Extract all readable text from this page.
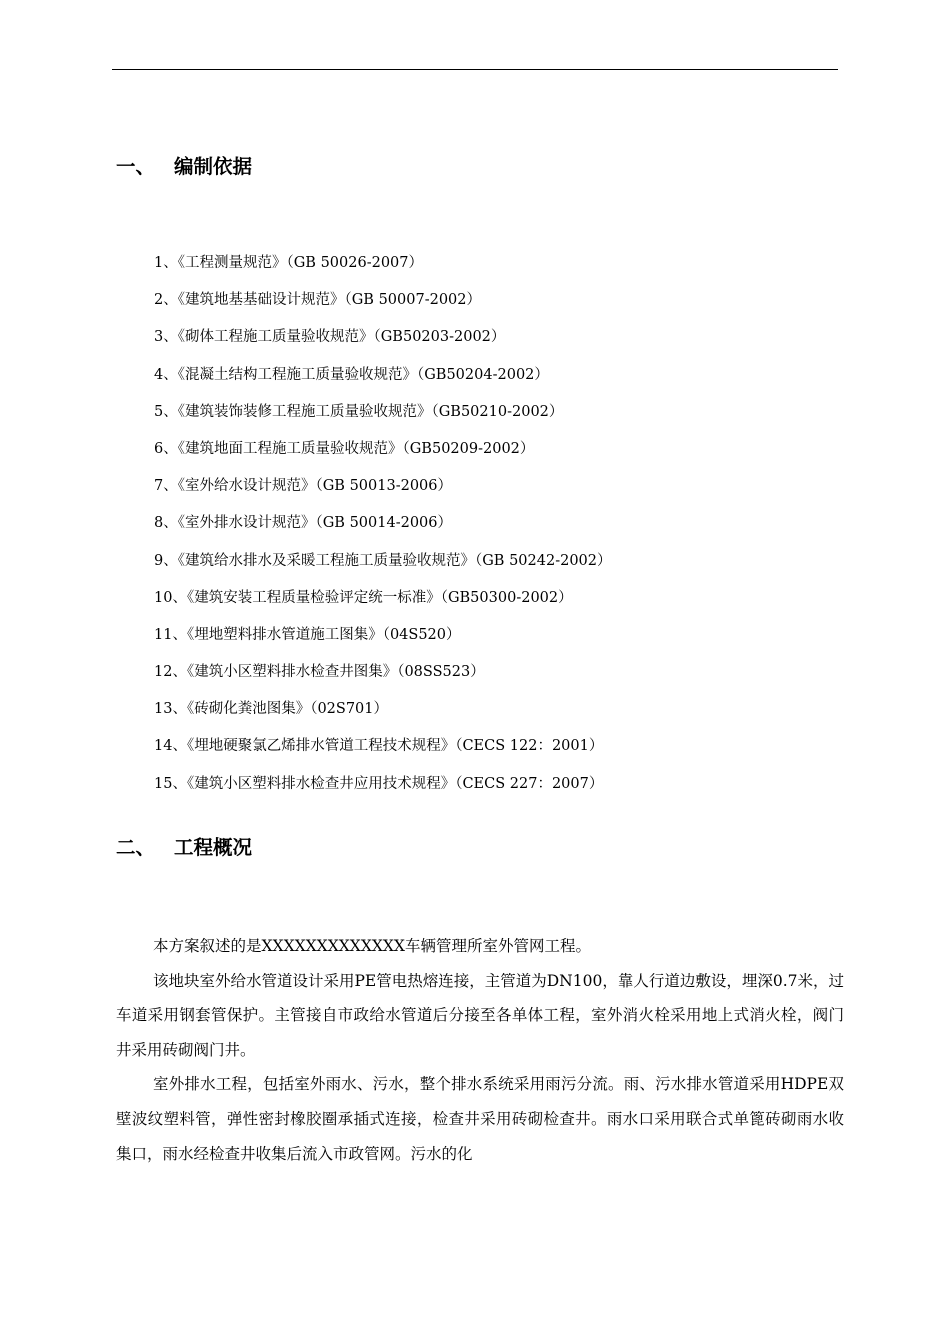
一、 编制依据
1、《工程测量规范》（GB 50026-2007）
2、《建筑地基基础设计规范》（GB 50007-2002）
3、《砌体工程施工质量验收规范》（GB50203-2002）
4、《混凝土结构工程施工质量验收规范》（GB50204-2002）
5、《建筑装饰装修工程施工质量验收规范》（GB50210-2002）
6、《建筑地面工程施工质量验收规范》（GB50209-2002）
7、《室外给水设计规范》（GB 50013-2006）
8、《室外排水设计规范》（GB 50014-2006）
9、《建筑给水排水及采暖工程施工质量验收规范》（GB 50242-2002）
10、《建筑安装工程质量检验评定统一标准》（GB50300-2002）
11、《埋地塑料排水管道施工图集》（04S520）
12、《建筑小区塑料排水检查井图集》（08SS523）
13、《砖砌化粪池图集》（02S701）
14、《埋地硬聚氯乙烯排水管道工程技术规程》（CECS 122：2001）
15、《建筑小区塑料排水检查井应用技术规程》（CECS 227：2007）
二、 工程概况

本方案叙述的是XXXXXXXXXXXXX车辆管理所室外管网工程。

该地块室外给水管道设计采用PE管电热熔连接，主管道为DN100，靠人行道边敷设，埋深0.7米，过车道采用钢套管保护。主管接自市政给水管道后分接至各单体工程，室外消火栓采用地上式消火栓，阀门井采用砖砌阀门井。

室外排水工程，包括室外雨水、污水，整个排水系统采用雨污分流。雨、污水排水管道采用HDPE双壁波纹塑料管，弹性密封橡胶圈承插式连接，检查井采用砖砌检查井。雨水口采用联合式单篦砖砌雨水收集口，雨水经检查井收集后流入市政管网。污水的化
